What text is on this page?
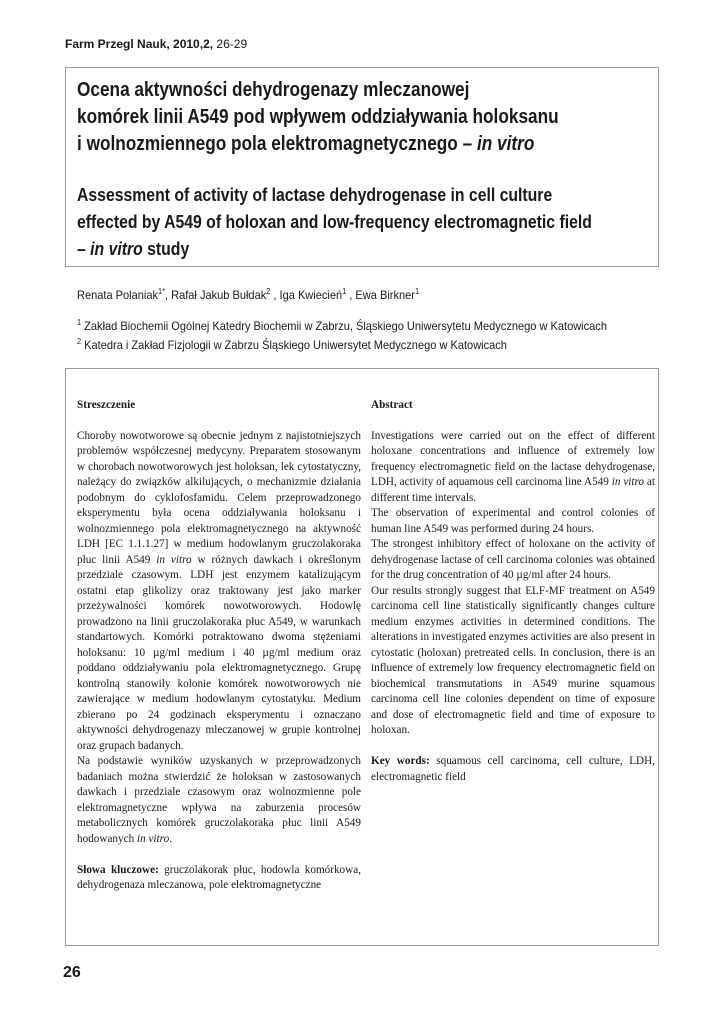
Farm Przegl Nauk, 2010,2, 26-29
Ocena aktywności dehydrogenazy mleczanowej
komórek linii A549 pod wpływem oddziaływania holoksanu
i wolnozmiennego pola elektromagnetycznego – in vitro
Assessment of activity of lactase dehydrogenase in cell culture
effected by A549 of holoxan and low-frequency electromagnetic field
– in vitro study
Renata Polaniak$^{1*}$, Rafał Jakub Bułdak$^2$ , Iga Kwiecień$^1$ , Ewa Birkner$^1$
$^1$ Zakład Biochemii Ogólnej Katedry Biochemii w Zabrzu, Śląskiego Uniwersytetu Medycznego w Katowicach
$^2$ Katedra i Zakład Fizjologii w Zabrzu Śląskiego Uniwersytet Medycznego w Katowicach
Streszczenie

Choroby nowotworowe są obecnie jednym z najistotniejszych problemów współczesnej medycyny. Preparatem stosowanym w chorobach nowotworowych jest holoksan, lek cytostatyczny, należący do związków alkilujących, o mechanizmie działania podobnym do cyklofosfamidu. Celem przeprowadzonego eksperymentu była ocena oddziaływania holoksanu i wolnozmiennego pola elektromagnetycznego na aktywność LDH [EC 1.1.1.27] w medium hodowlanym gruczolakoraka płuc linii A549 in vitro w różnych dawkach i określonym przedziale czasowym. LDH jest enzymem katalizującym ostatni etap glikolizy oraz traktowany jest jako marker przeżywalności komórek nowotworowych. Hodowlę prowadzono na linii gruczolakoraka płuc A549, w warunkach standartowych. Komórki potraktowano dwoma stężeniami holoksanu: 10 µg/ml medium i 40 µg/ml medium oraz poddano oddziaływaniu pola elektromagnetycznego. Grupę kontrolną stanowiły kolonie komórek nowotworowych nie zawierające w medium hodowlanym cytostatyku. Medium zbierano po 24 godzinach eksperymentu i oznaczano aktywności dehydrogenazy mleczanowej w grupie kontrolnej oraz grupach badanych.

Na podstawie wyników uzyskanych w przeprowadzonych badaniach można stwierdzić że holoksan w zastosowanych dawkach i przedziale czasowym oraz wolnozmienne pole elektromagnetyczne wpływa na zaburzenia procesów metabolicznych komórek gruczolakoraka płuc linii A549 hodowanych in vitro.

Słowa kluczowe: gruczolakorak płuc, hodowla komórkowa, dehydrogenaza mleczanowa, pole elektromagnetyczne

Abstract

Investigations were carried out on the effect of different holoxane concentrations and influence of extremely low frequency electromagnetic field on the lactase dehydrogenase, LDH, activity of aquamous cell carcinoma line A549 in vitro at different time intervals.

The observation of experimental and control colonies of human line A549 was performed during 24 hours.

The strongest inhibitory effect of holoxane on the activity of dehydrogenase lactase of cell carcinoma colonies was obtained for the drug concentration of 40 µg/ml after 24 hours.

Our results strongly suggest that ELF-MF treatment on A549 carcinoma cell line statistically significantly changes culture medium enzymes activities in determined conditions. The alterations in investigated enzymes activities are also present in cytostatic (holoxan) pretreated cells. In conclusion, there is an influence of extremely low frequency electromagnetic field on biochemical transmutations in A549 murine squamous carcinoma cell line colonies dependent on time of exposure and dose of electromagnetic field and time of exposure to holoxan.

Key words: squamous cell carcinoma, cell culture, LDH, electromagnetic field

26
